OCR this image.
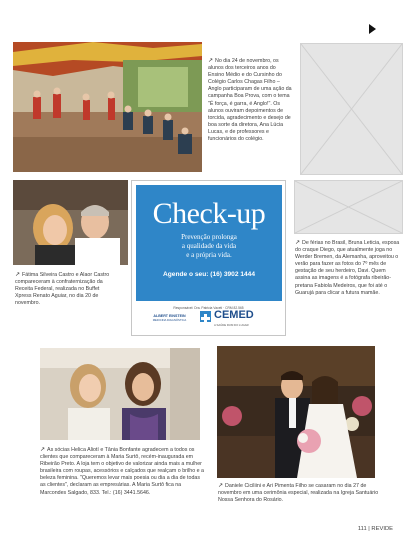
↗ No dia 24 de novembro, os alunos dos terceiros anos do Ensino Médio e do Cursinho do Colégio Carlos Chagas Filho – Anglo participaram de uma ação da campanha Boa Prova, com o tema "É força, é garra, é Anglo!". Os alunos ouviram depoimentos de torcida, agradecimento e desejo de boa sorte da diretora, Ana Lúcia Lucas, e de professores e funcionários do colégio.
↗ Fátima Silveira Castro e Alaor Castro compareceram à confraternização da Receita Federal, realizada no Buffet Xpress Renato Aguiar, no dia 20 de novembro.
Check-up
Prevenção prolonga
a qualidade da vida
e a própria vida.
Agende o seu: (16) 3902 1444
Responsável: Dra. Patricia Vaceti · CRM 82.565
ALBERT EINSTEIN
MEDICINA DIAGNÓSTICA	CEMED
A SAÚDE RUM DO LUGAR
↗ De férias no Brasil, Bruna Leticia, esposa do craque Diego, que atualmente joga no Werder Bremen, da Alemanha, aproveitou o verão para fazer as fotos do 7º mês de gestação de seu herdeiro, Davi. Quem assina as imagens é a fotógrafa ribeirão-pretana Fabiola Medeiros, que foi até o Guarujá para clicar a futura mamãe.
↗ As sócias Helica Aliotí e Tânia Bonfante agradecem a todos os clientes que compareceram à Maria Surtô, recém-inaugurada em Ribeirão Preto. A loja tem o objetivo de valorizar ainda mais a mulher brasileira com roupas, acessórios e calçados que realçam o brilho e a beleza feminina. "Queremos levar mais poesia ou dia a dia de todas as clientes", declaram as empresárias. A Maria Surtô fica na Marcondes Salgado, 833. Tel.: (16) 3441.5646.
↗ Daniele Ciciliini e Ari Pimenta Filho se casaram no dia 27 de novembro em uma cerimônia especial, realizada na Igreja Santuário Nossa Senhora do Rosário.
111 | REVIDE
